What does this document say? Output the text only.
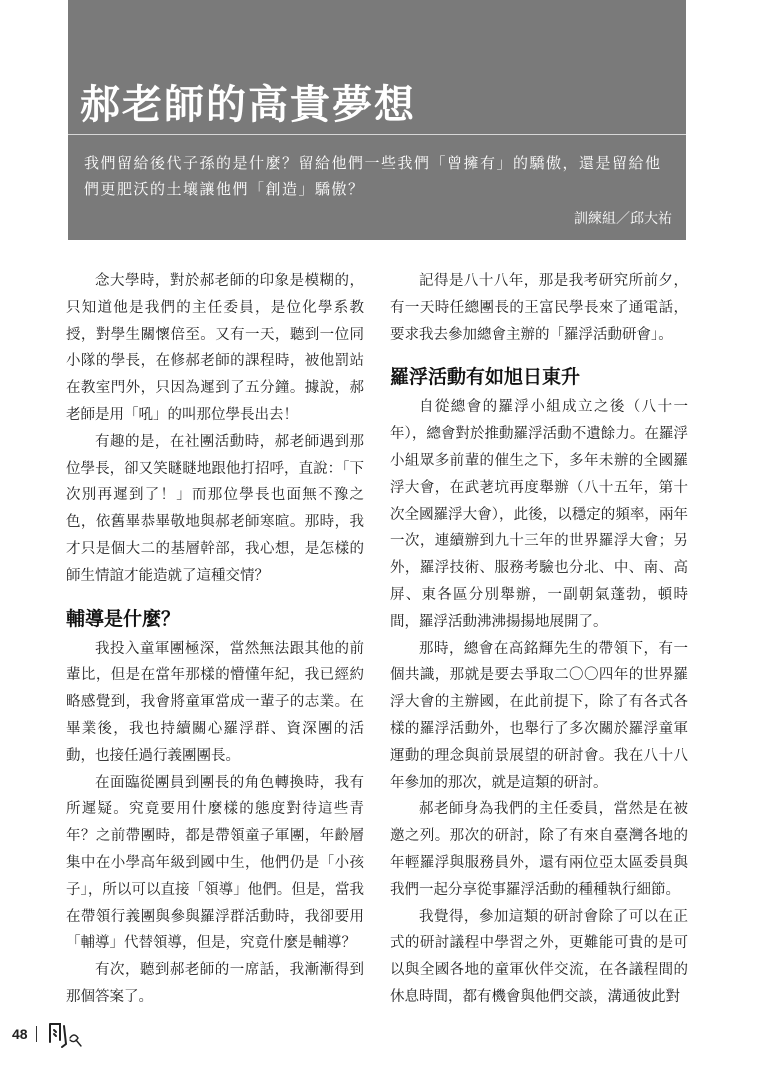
郝老師的高貴夢想

我們留給後代子孫的是什麼？留給他們一些我們「曾擁有」的驕傲，還是留給他們更肥沃的土壤讓他們「創造」驕傲？

訓練組／邱大祐

念大學時，對於郝老師的印象是模糊的，只知道他是我們的主任委員，是位化學系教授，對學生關懷倍至。又有一天，聽到一位同小隊的學長，在修郝老師的課程時，被他罰站在教室門外，只因為遲到了五分鐘。據說，郝老師是用「吼」的叫那位學長出去！

有趣的是，在社團活動時，郝老師遇到那位學長，卻又笑瞇瞇地跟他打招呼，直說：「下次別再遲到了！」而那位學長也面無不豫之色，依舊畢恭畢敬地與郝老師寒暄。那時，我才只是個大二的基層幹部，我心想，是怎樣的師生情誼才能造就了這種交情？

輔導是什麼？

我投入童軍團極深，當然無法跟其他的前輩比，但是在當年那樣的懵懂年紀，我已經約略感覺到，我會將童軍當成一輩子的志業。在畢業後，我也持續關心羅浮群、資深團的活動，也接任過行義團團長。

在面臨從團員到團長的角色轉換時，我有所遲疑。究竟要用什麼樣的態度對待這些青年？之前帶團時，都是帶領童子軍團，年齡層集中在小學高年級到國中生，他們仍是「小孩子」，所以可以直接「領導」他們。但是，當我在帶領行義團與參與羅浮群活動時，我卻要用「輔導」代替領導，但是，究竟什麼是輔導？

有次，聽到郝老師的一席話，我漸漸得到那個答案了。

記得是八十八年，那是我考研究所前夕，有一天時任總團長的王富民學長來了通電話，要求我去參加總會主辦的「羅浮活動研會」。

羅浮活動有如旭日東升

自從總會的羅浮小組成立之後（八十一年），總會對於推動羅浮活動不遺餘力。在羅浮小組眾多前輩的催生之下，多年未辦的全國羅浮大會，在武荖坑再度舉辦（八十五年，第十次全國羅浮大會），此後，以穩定的頻率，兩年一次，連續辦到九十三年的世界羅浮大會；另外，羅浮技術、服務考驗也分北、中、南、高屏、東各區分別舉辦，一副朝氣蓬勃，頓時間，羅浮活動沸沸揚揚地展開了。

那時，總會在高銘輝先生的帶領下，有一個共識，那就是要去爭取二〇〇四年的世界羅浮大會的主辦國，在此前提下，除了有各式各樣的羅浮活動外，也舉行了多次關於羅浮童軍運動的理念與前景展望的研討會。我在八十八年參加的那次，就是這類的研討。

郝老師身為我們的主任委員，當然是在被邀之列。那次的研討，除了有來自臺灣各地的年輕羅浮與服務員外，還有兩位亞太區委員與我們一起分享從事羅浮活動的種種執行細節。

我覺得，參加這類的研討會除了可以在正式的研討議程中學習之外，更難能可貴的是可以與全國各地的童軍伙伴交流，在各議程間的休息時間，都有機會與他們交談，溝通彼此對

48
